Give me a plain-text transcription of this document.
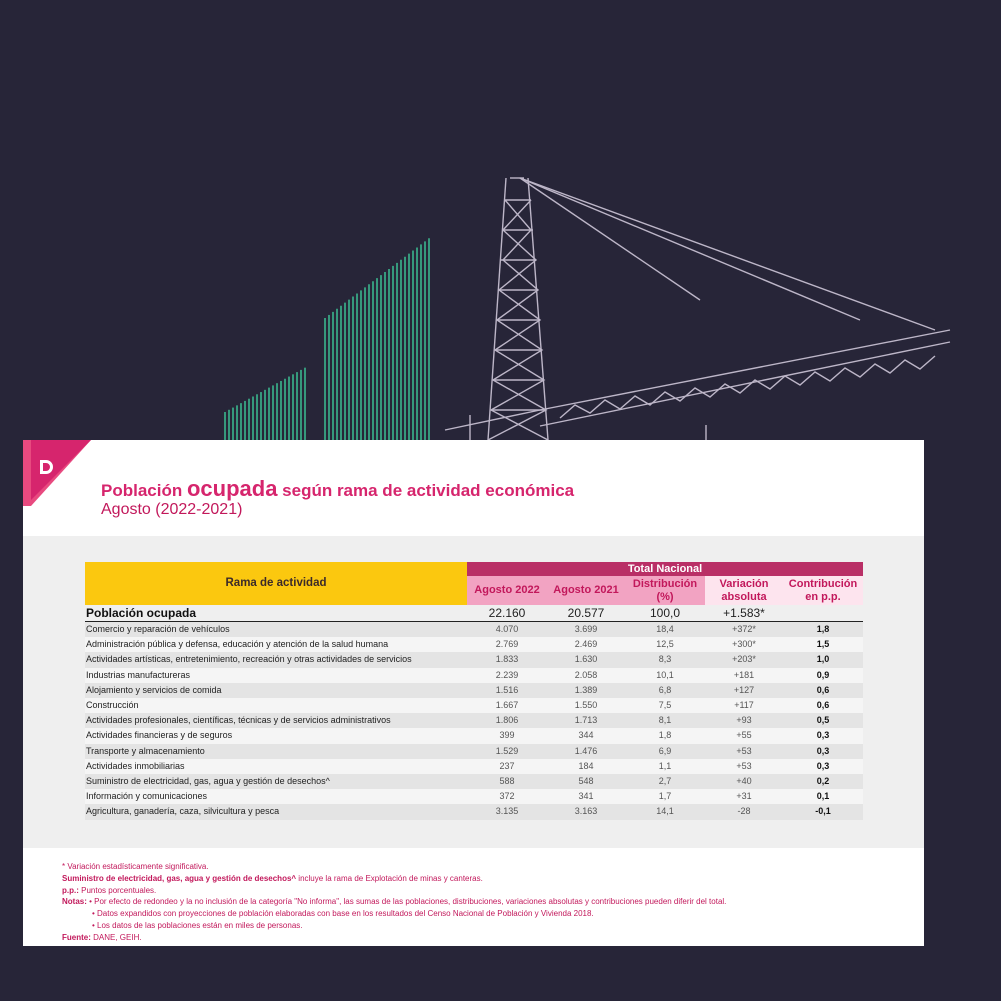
Población ocupada según rama de actividad económica
Agosto (2022-2021)
Rama de actividad	Total Nacional				
	Agosto 2022	Agosto 2021	Distribución (%)	Variación absoluta	Contribución en p.p.
Población ocupada	22.160	20.577	100,0	+1.583*	
Comercio y reparación de vehículos	4.070	3.699	18,4	+372*	1,8
Administración pública y defensa, educación y atención de la salud humana	2.769	2.469	12,5	+300*	1,5
Actividades artísticas, entretenimiento, recreación y otras actividades de servicios	1.833	1.630	8,3	+203*	1,0
Industrias manufactureras	2.239	2.058	10,1	+181	0,9
Alojamiento y servicios de comida	1.516	1.389	6,8	+127	0,6
Construcción	1.667	1.550	7,5	+117	0,6
Actividades profesionales, científicas, técnicas y de servicios administrativos	1.806	1.713	8,1	+93	0,5
Actividades financieras y de seguros	399	344	1,8	+55	0,3
Transporte y almacenamiento	1.529	1.476	6,9	+53	0,3
Actividades inmobiliarias	237	184	1,1	+53	0,3
Suministro de electricidad, gas, agua y gestión de desechos^	588	548	2,7	+40	0,2
Información y comunicaciones	372	341	1,7	+31	0,1
Agricultura, ganadería, caza, silvicultura y pesca	3.135	3.163	14,1	-28	-0,1
* Variación estadísticamente significativa.
Suministro de electricidad, gas, agua y gestión de desechos^ incluye la rama de Explotación de minas y canteras.
p.p.: Puntos porcentuales.
Notas: • Por efecto de redondeo y la no inclusión de la categoría "No informa", las sumas de las poblaciones, distribuciones, variaciones absolutas y contribuciones pueden diferir del total.
• Datos expandidos con proyecciones de población elaboradas con base en los resultados del Censo Nacional de Población y Vivienda 2018.
• Los datos de las poblaciones están en miles de personas.
Fuente: DANE, GEIH.
